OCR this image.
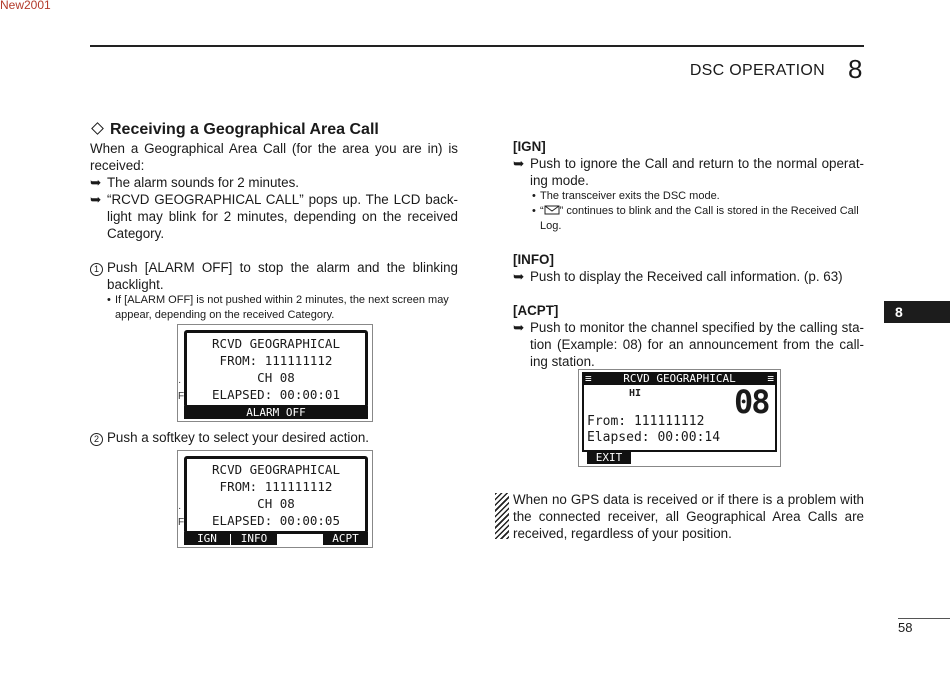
New2001
DSC OPERATION 8
8
58
Receiving a Geographical Area Call

When a Geographical Area Call (for the area you are in) is received:

➥ The alarm sounds for 2 minutes.
➥ “RCVD GEOGRAPHICAL CALL” pops up. The LCD back-light may blink for 2 minutes, depending on the received Category.
1 Push [ALARM OFF] to stop the alarm and the blinking backlight.
• If [ALARM OFF] is not pushed within 2 minutes, the next screen may appear, depending on the received Category.
·
F
RCVD GEOGRAPHICAL
FROM: 111111112
CH 08
ELAPSED: 00:00:01
ALARM OFF
2 Push a softkey to select your desired action.
·
F
RCVD GEOGRAPHICAL
FROM: 111111112
CH 08
ELAPSED: 00:00:05
IGN	INFO	ACPT
[IGN]
➥ Push to ignore the Call and return to the normal operat-ing mode.
• The transceiver exits the DSC mode.
• “ ” continues to blink and the Call is stored in the Received Call Log.
[INFO]
➥ Push to display the Received call information. (p. 63)
[ACPT]
➥ Push to monitor the channel specified by the calling sta-tion (Example: 08) for an announcement from the call-ing station.
≡	RCVD GEOGRAPHICAL	≡
HI	08
From: 111111112
Elapsed: 00:00:14
EXIT
When no GPS data is received or if there is a problem with the connected receiver, all Geographical Area Calls are received, regardless of your position.
